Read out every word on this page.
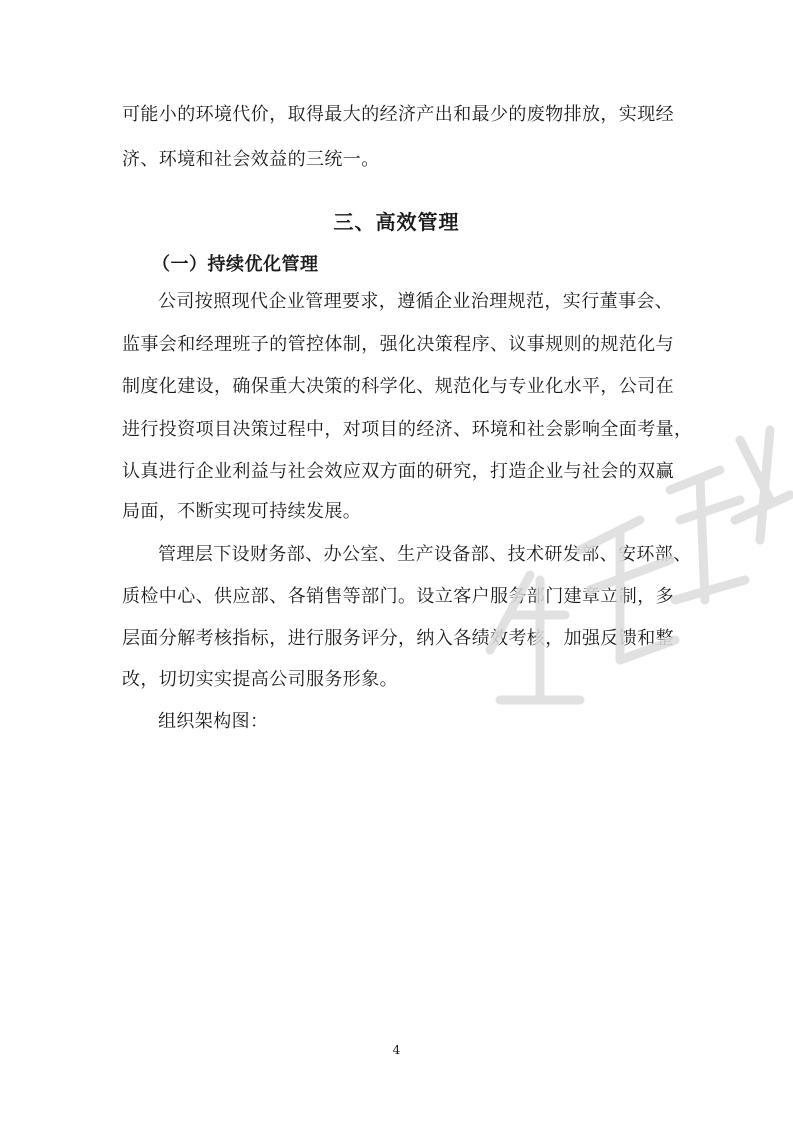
可能小的环境代价，取得最大的经济产出和最少的废物排放，实现经
济、环境和社会效益的三统一。
三、高效管理
（一）持续优化管理
公司按照现代企业管理要求，遵循企业治理规范，实行董事会、
监事会和经理班子的管控体制，强化决策程序、议事规则的规范化与
制度化建设，确保重大决策的科学化、规范化与专业化水平，公司在
进行投资项目决策过程中，对项目的经济、环境和社会影响全面考量，
认真进行企业利益与社会效应双方面的研究，打造企业与社会的双赢
局面，不断实现可持续发展。
管理层下设财务部、办公室、生产设备部、技术研发部、安环部、
质检中心、供应部、各销售等部门。设立客户服务部门建章立制，多
层面分解考核指标，进行服务评分，纳入各绩效考核，加强反馈和整
改，切切实实提高公司服务形象。
组织架构图：
4
